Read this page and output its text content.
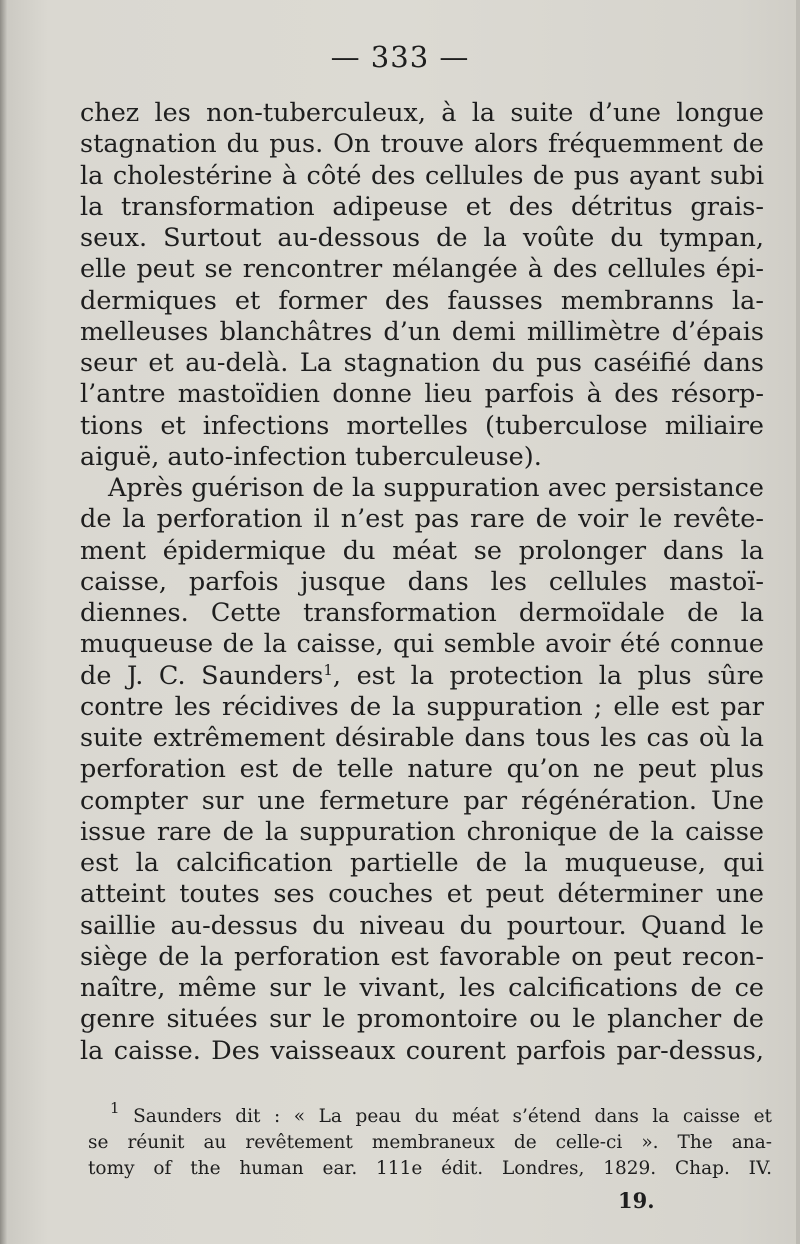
— 333 —
chez les non-tuberculeux, à la suite d’une longue
stagnation du pus. On trouve alors fréquemment de
la cholestérine à côté des cellules de pus ayant subi
la transformation adipeuse et des détritus grais-
seux. Surtout au-dessous de la voûte du tympan,
elle peut se rencontrer mélangée à des cellules épi-
dermiques et former des fausses membranns la-
melleuses blanchâtres d’un demi millimètre d’épais
seur et au-delà. La stagnation du pus caséifié dans
l’antre mastoïdien donne lieu parfois à des résorp-
tions et infections mortelles (tuberculose miliaire
aiguë, auto-infection tuberculeuse).
Après guérison de la suppuration avec persistance
de la perforation il n’est pas rare de voir le revête-
ment épidermique du méat se prolonger dans la
caisse, parfois jusque dans les cellules mastoï-
diennes. Cette transformation dermoïdale de la
muqueuse de la caisse, qui semble avoir été connue
de J. C. Saunders$^1$, est la protection la plus sûre
contre les récidives de la suppuration ; elle est par
suite extrêmement désirable dans tous les cas où la
perforation est de telle nature qu’on ne peut plus
compter sur une fermeture par régénération. Une
issue rare de la suppuration chronique de la caisse
est la calcification partielle de la muqueuse, qui
atteint toutes ses couches et peut déterminer une
saillie au-dessus du niveau du pourtour. Quand le
siège de la perforation est favorable on peut recon-
naître, même sur le vivant, les calcifications de ce
genre situées sur le promontoire ou le plancher de
la caisse. Des vaisseaux courent parfois par-dessus,
$^1$ Saunders dit : « La peau du méat s’étend dans la caisse et
se réunit au revêtement membraneux de celle-ci ». The ana-
tomy of the human ear. 111e édit. Londres, 1829. Chap. IV.
19.
